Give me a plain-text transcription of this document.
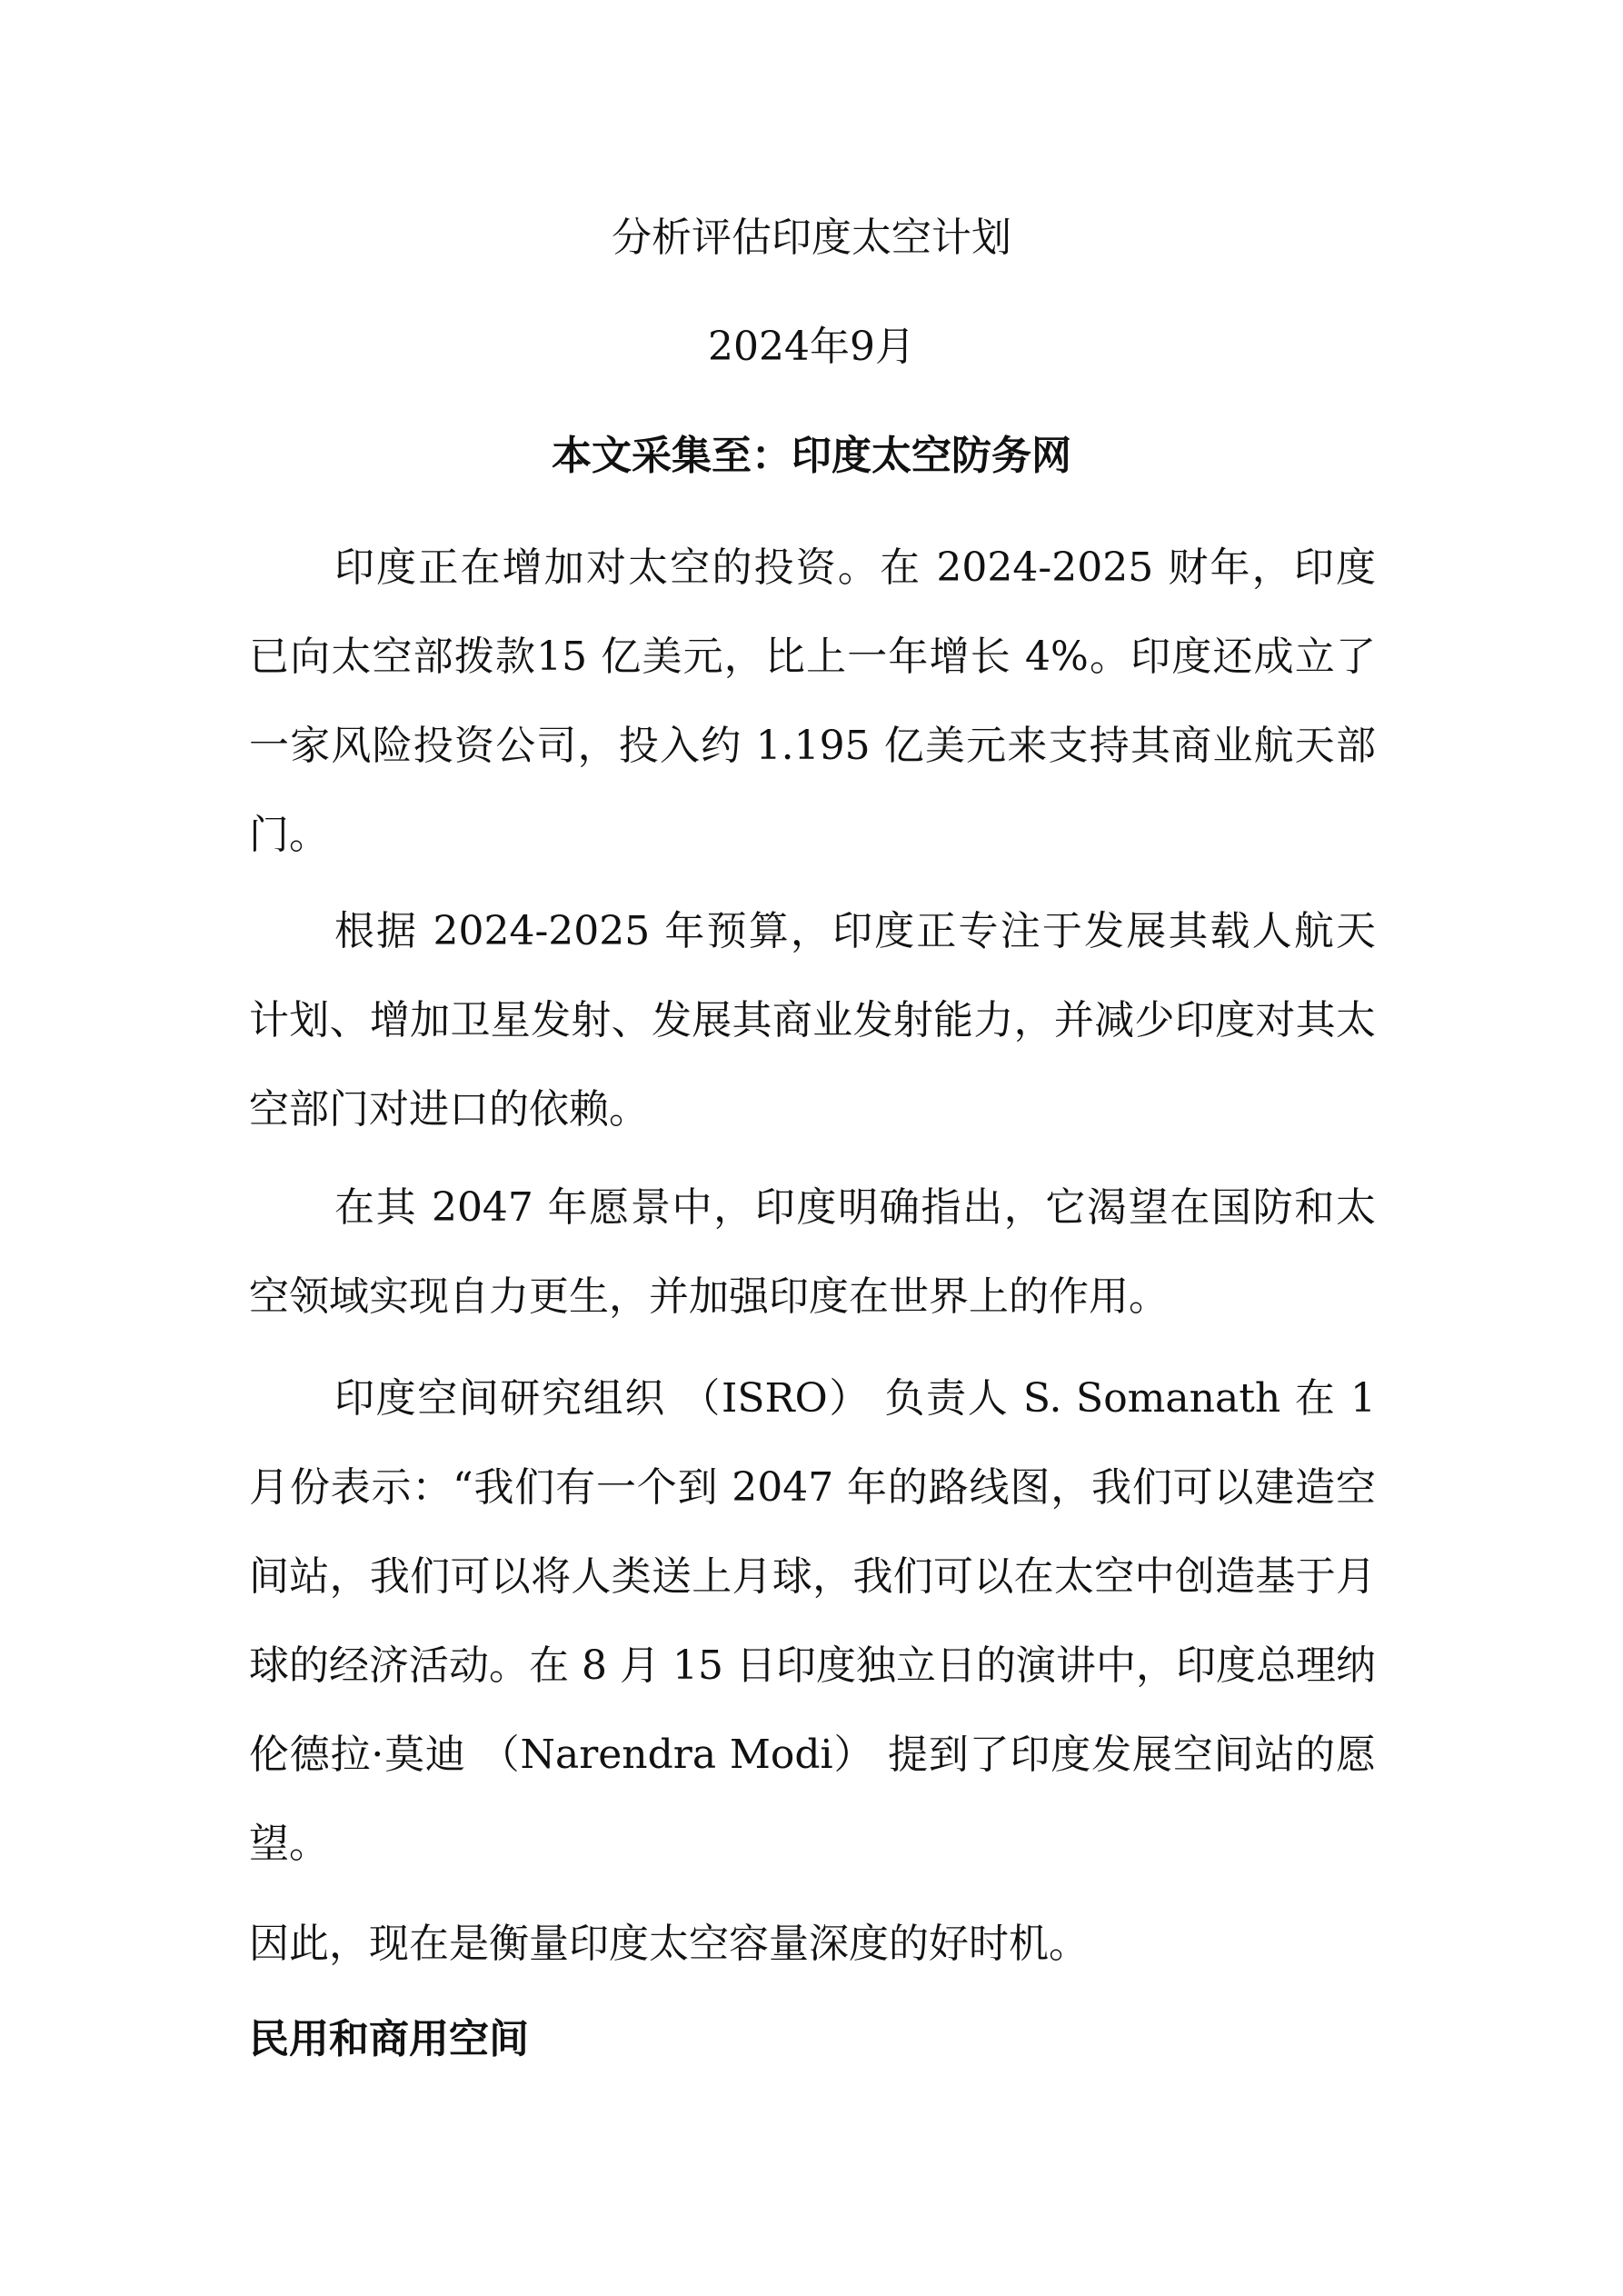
分析评估印度太空计划
2024年9月
本文采集至：印度太空防务网

印度正在增加对太空的投资。在 2024-2025 财年，印度已向太空部拨款15 亿美元，比上一年增长 4%。印度还成立了一家风险投资公司，投入约 1.195 亿美元来支持其商业航天部门。

根据 2024-2025 年预算，印度正专注于发展其载人航天计划、增加卫星发射、发展其商业发射能力，并减少印度对其太空部门对进口的依赖。

在其 2047 年愿景中，印度明确指出，它渴望在国防和太空领域实现自力更生，并加强印度在世界上的作用。

印度空间研究组织 （ISRO） 负责人 S. Somanath 在 1 月份表示：“我们有一个到 2047 年的路线图，我们可以建造空间站，我们可以将人类送上月球，我们可以在太空中创造基于月球的经济活动。在 8 月 15 日印度独立日的演讲中，印度总理纳伦德拉·莫迪 （Narendra Modi） 提到了印度发展空间站的愿望。

因此，现在是衡量印度太空容量深度的好时机。

民用和商用空间
